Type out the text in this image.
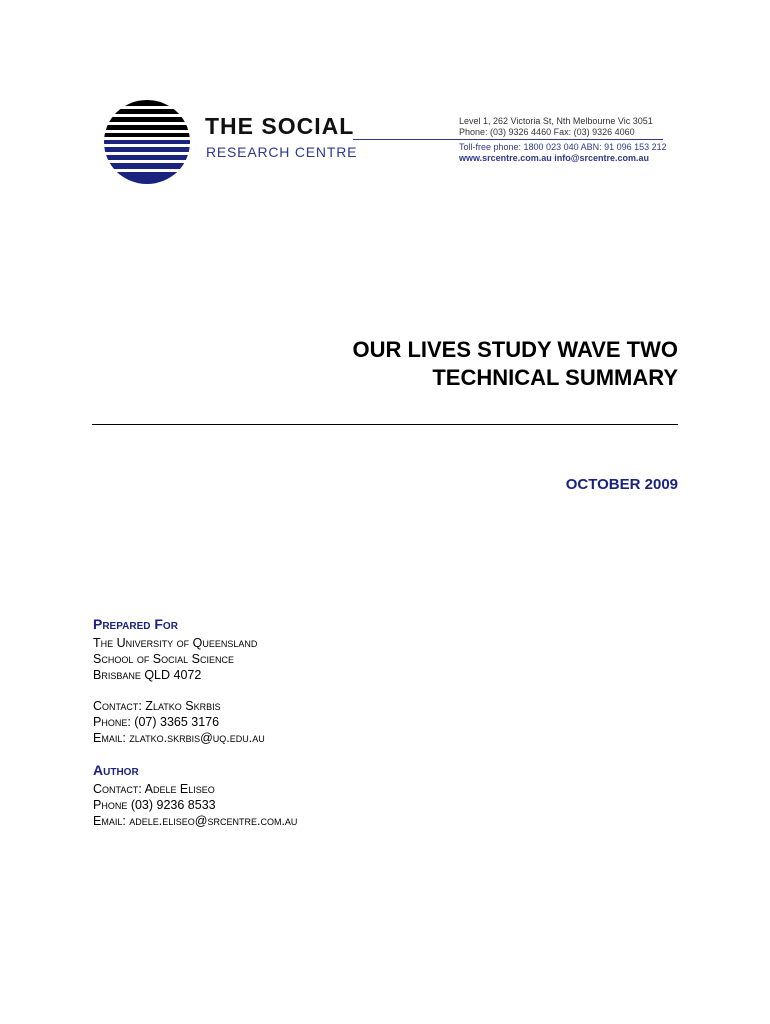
THE SOCIAL
RESEARCH CENTRE
Level 1, 262 Victoria St, Nth Melbourne Vic 3051
Phone: (03) 9326 4460 Fax: (03) 9326 4060
Toll-free phone: 1800 023 040 ABN: 91 096 153 212
www.srcentre.com.au info@srcentre.com.au
OUR LIVES STUDY WAVE TWO
TECHNICAL SUMMARY
OCTOBER 2009
Prepared For
The University of Queensland
School of Social Science
Brisbane QLD 4072
Contact: Zlatko Skrbis
Phone: (07) 3365 3176
Email: zlatko.skrbis@uq.edu.au
Author
Contact: Adele Eliseo
Phone (03) 9236 8533
Email: adele.eliseo@srcentre.com.au
